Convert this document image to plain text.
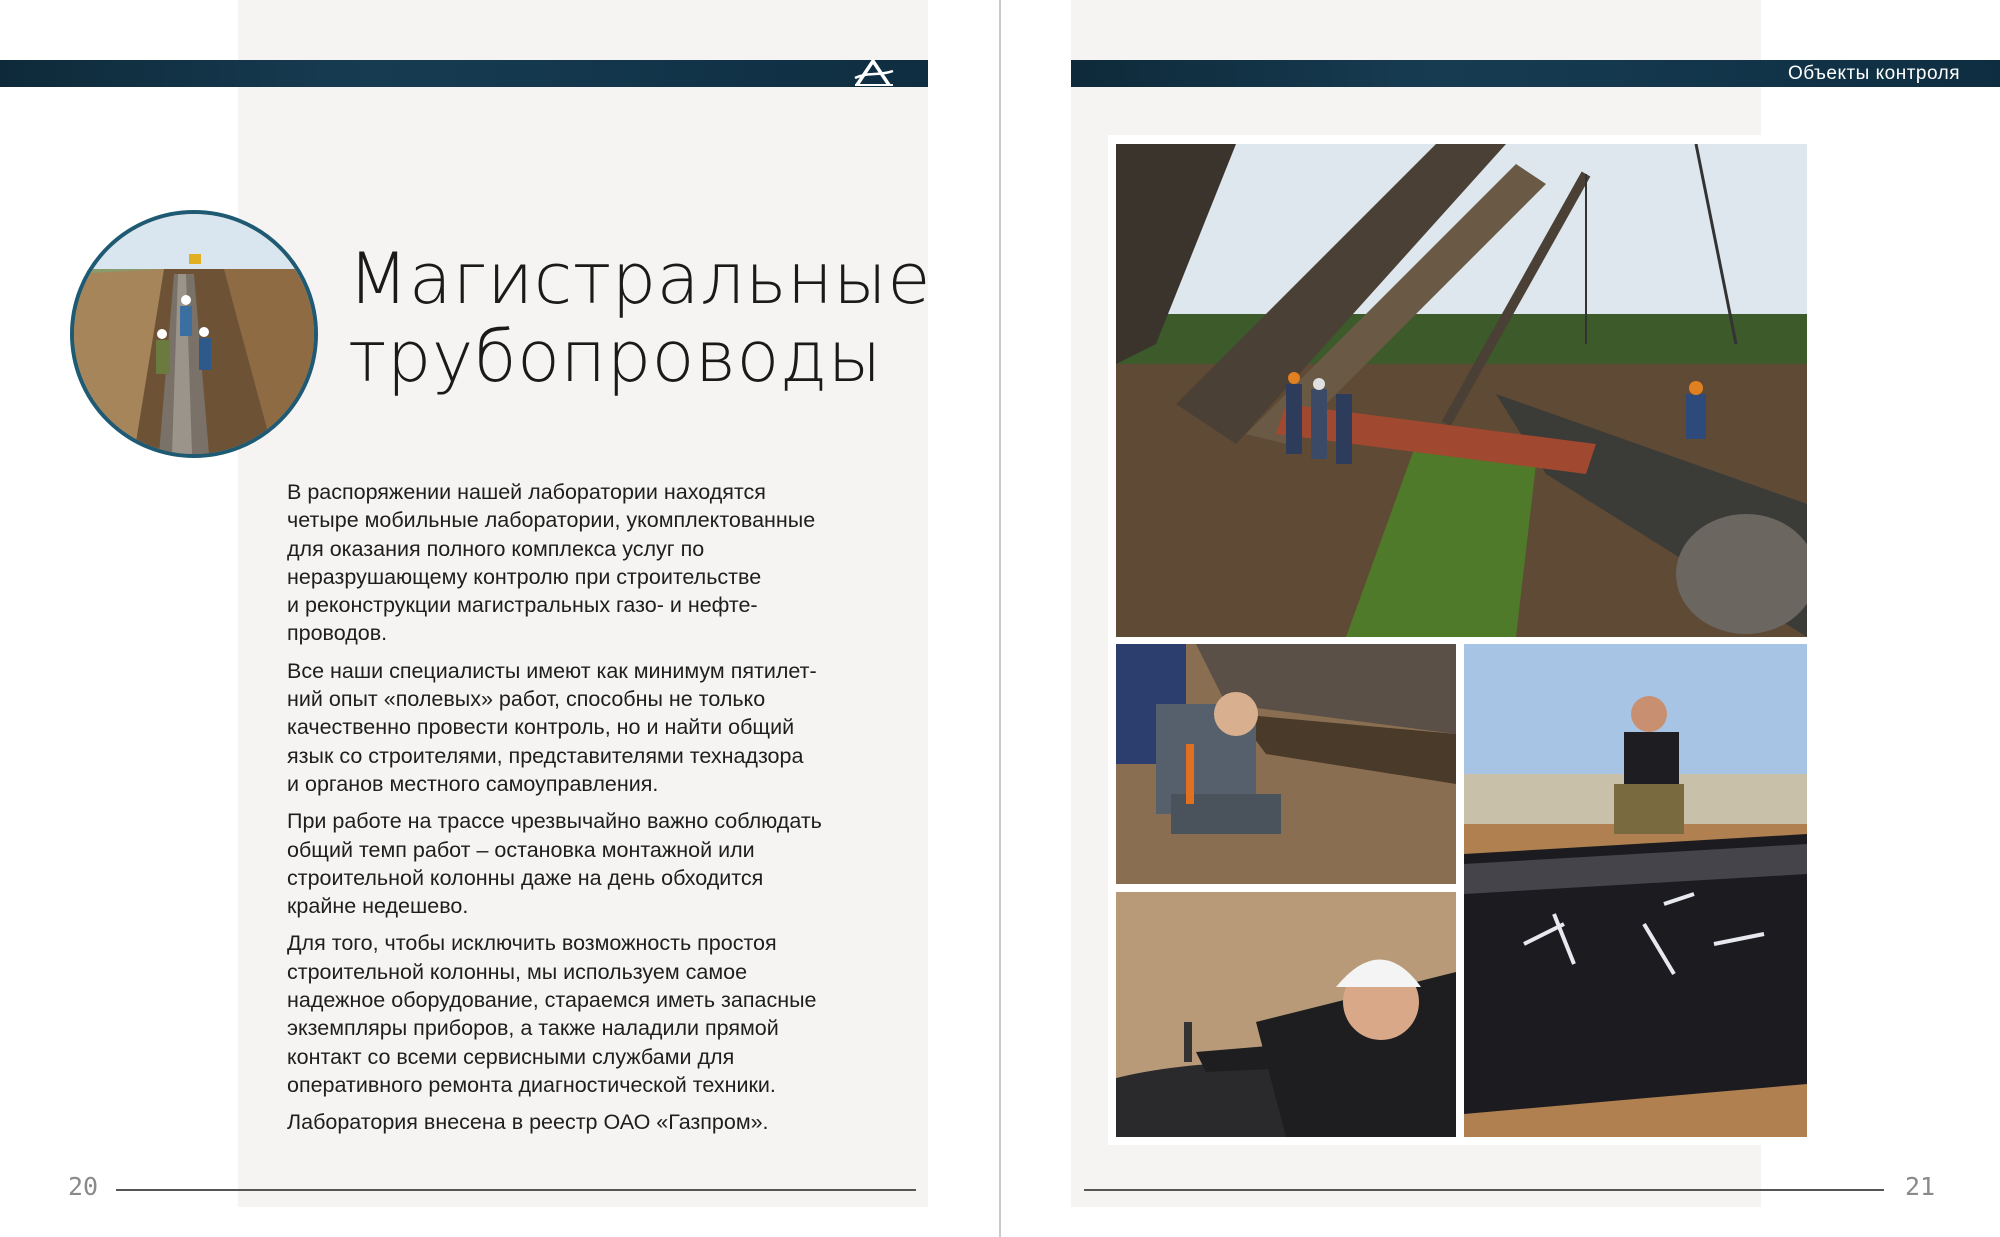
Объекты контроля
Магистральные
трубопроводы

В распоряжении нашей лаборатории находятся
четыре мобильные лаборатории, укомплектованные
для оказания полного комплекса услуг по
неразрушающему контролю при строительстве
и реконструкции магистральных газо- и нефте-
проводов.

Все наши специалисты имеют как минимум пятилет-
ний опыт «полевых» работ, способны не только
качественно провести контроль, но и найти общий
язык со строителями, представителями технадзора
и органов местного самоуправления.

При работе на трассе чрезвычайно важно соблюдать
общий темп работ – остановка монтажной или
строительной колонны даже на день обходится
крайне недешево.

Для того, чтобы исключить возможность простоя
строительной колонны, мы используем самое
надежное оборудование, стараемся иметь запасные
экземпляры приборов, а также наладили прямой
контакт со всеми сервисными службами для
оперативного ремонта диагностической техники.

Лаборатория внесена в реестр ОАО «Газпром».

20	21
